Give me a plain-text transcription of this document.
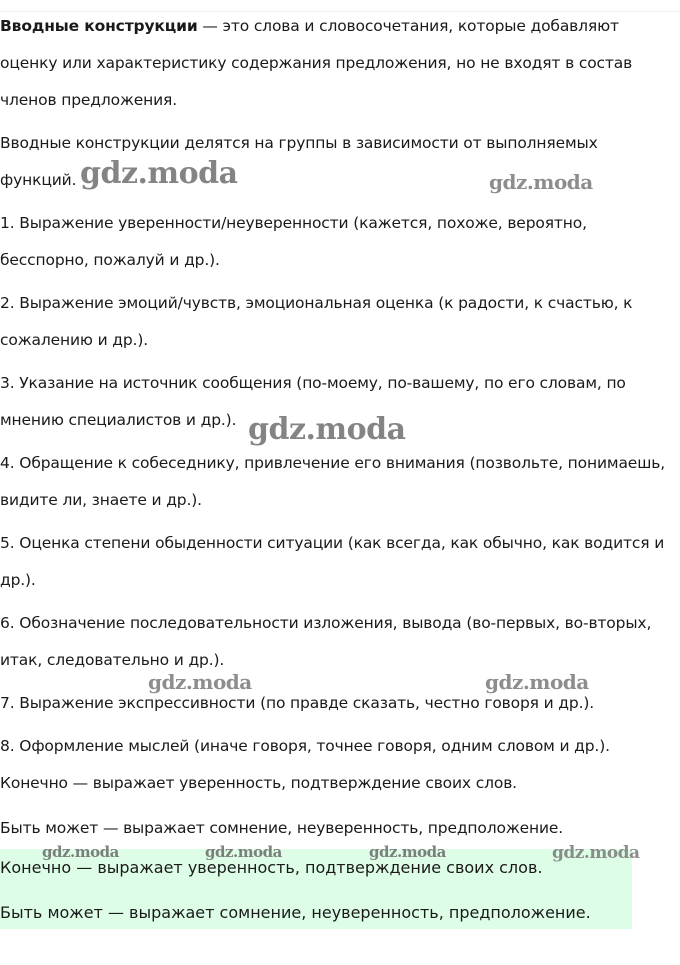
Вводные конструкции — это слова и словосочетания, которые добавляют оценку или характеристику содержания предложения, но не входят в состав членов предложения.

Вводные конструкции делятся на группы в зависимости от выполняемых функций.

1. Выражение уверенности/неуверенности (кажется, похоже, вероятно, бесспорно, пожалуй и др.).

2. Выражение эмоций/чувств, эмоциональная оценка (к радости, к счастью, к сожалению и др.).

3. Указание на источник сообщения (по-моему, по-вашему, по его словам, по мнению специалистов и др.).

4. Обращение к собеседнику, привлечение его внимания (позвольте, понимаешь, видите ли, знаете и др.).

5. Оценка степени обыденности ситуации (как всегда, как обычно, как водится и др.).

6. Обозначение последовательности изложения, вывода (во-первых, во-вторых, итак, следовательно и др.).

7. Выражение экспрессивности (по правде сказать, честно говоря и др.).

8. Оформление мыслей (иначе говоря, точнее говоря, одним словом и др.).

Конечно — выражает уверенность, подтверждение своих слов.

Быть может — выражает сомнение, неуверенность, предположение.

Конечно — выражает уверенность, подтверждение своих слов.

Быть может — выражает сомнение, неуверенность, предположение.

gdz.moda	gdz.moda
gdz.moda
gdz.moda	gdz.moda
gdz.moda	gdz.moda	gdz.moda	gdz.moda
